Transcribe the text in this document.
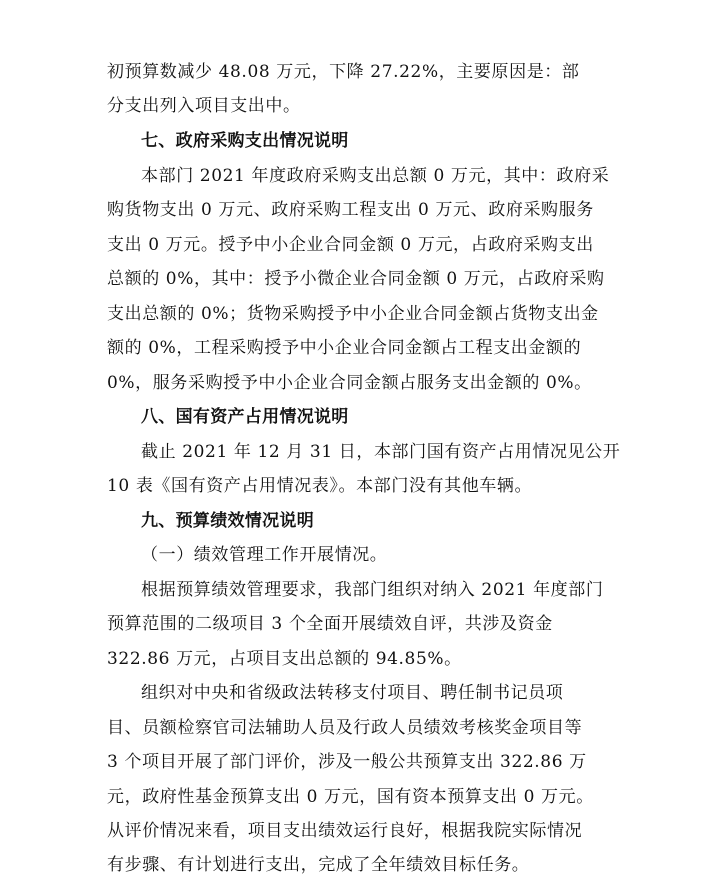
初预算数减少 48.08 万元，下降 27.22%，主要原因是：部
分支出列入项目支出中。
七、政府采购支出情况说明
本部门 2021 年度政府采购支出总额 0 万元，其中：政府采
购货物支出 0 万元、政府采购工程支出 0 万元、政府采购服务
支出 0 万元。授予中小企业合同金额 0 万元，占政府采购支出
总额的 0%，其中：授予小微企业合同金额 0 万元，占政府采购
支出总额的 0%；货物采购授予中小企业合同金额占货物支出金
额的 0%，工程采购授予中小企业合同金额占工程支出金额的
0%，服务采购授予中小企业合同金额占服务支出金额的 0%。
八、国有资产占用情况说明
截止 2021 年 12 月 31 日，本部门国有资产占用情况见公开
10 表《国有资产占用情况表》。本部门没有其他车辆。
九、预算绩效情况说明
（一）绩效管理工作开展情况。
根据预算绩效管理要求，我部门组织对纳入 2021 年度部门
预算范围的二级项目 3 个全面开展绩效自评，共涉及资金
322.86 万元，占项目支出总额的 94.85%。
组织对中央和省级政法转移支付项目、聘任制书记员项
目、员额检察官司法辅助人员及行政人员绩效考核奖金项目等
3 个项目开展了部门评价，涉及一般公共预算支出 322.86 万
元，政府性基金预算支出 0 万元，国有资本预算支出 0 万元。
从评价情况来看，项目支出绩效运行良好，根据我院实际情况
有步骤、有计划进行支出，完成了全年绩效目标任务。
